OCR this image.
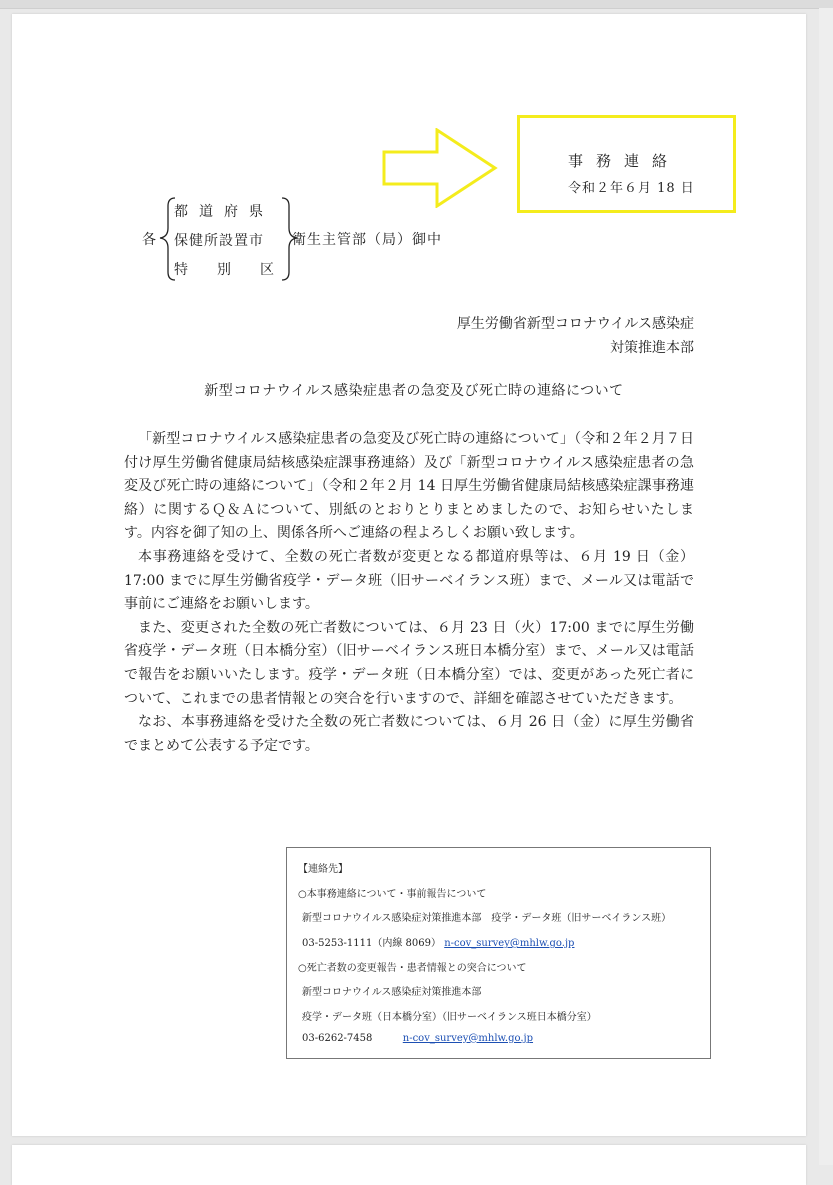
事務連絡
令和２年６月 18 日
各
都道府県
保健所設置市
特 別 区
衛生主管部（局）御中
厚生労働省新型コロナウイルス感染症
対策推進本部
新型コロナウイルス感染症患者の急変及び死亡時の連絡について

「新型コロナウイルス感染症患者の急変及び死亡時の連絡について」（令和２年２月７日付け厚生労働省健康局結核感染症課事務連絡）及び「新型コロナウイルス感染症患者の急変及び死亡時の連絡について」（令和２年２月 14 日厚生労働省健康局結核感染症課事務連絡）に関するＱ＆Ａについて、別紙のとおりとりまとめましたので、お知らせいたします。内容を御了知の上、関係各所へご連絡の程よろしくお願い致します。

本事務連絡を受けて、全数の死亡者数が変更となる都道府県等は、６月 19 日（金）17:00 までに厚生労働省疫学・データ班（旧サーベイランス班）まで、メール又は電話で事前にご連絡をお願いします。

また、変更された全数の死亡者数については、６月 23 日（火）17:00 までに厚生労働省疫学・データ班（日本橋分室）（旧サーベイランス班日本橋分室）まで、メール又は電話で報告をお願いいたします。疫学・データ班（日本橋分室）では、変更があった死亡者について、これまでの患者情報との突合を行いますので、詳細を確認させていただきます。

なお、本事務連絡を受けた全数の死亡者数については、６月 26 日（金）に厚生労働省でまとめて公表する予定です。

【連絡先】
○本事務連絡について・事前報告について
新型コロナウイルス感染症対策推進本部　疫学・データ班（旧サーベイランス班）
03-5253-1111（内線 8069） n-cov_survey@mhlw.go.jp
○死亡者数の変更報告・患者情報との突合について
新型コロナウイルス感染症対策推進本部
疫学・データ班（日本橋分室）（旧サーベイランス班日本橋分室）
03-6262-7458	n-cov_survey@mhlw.go.jp
